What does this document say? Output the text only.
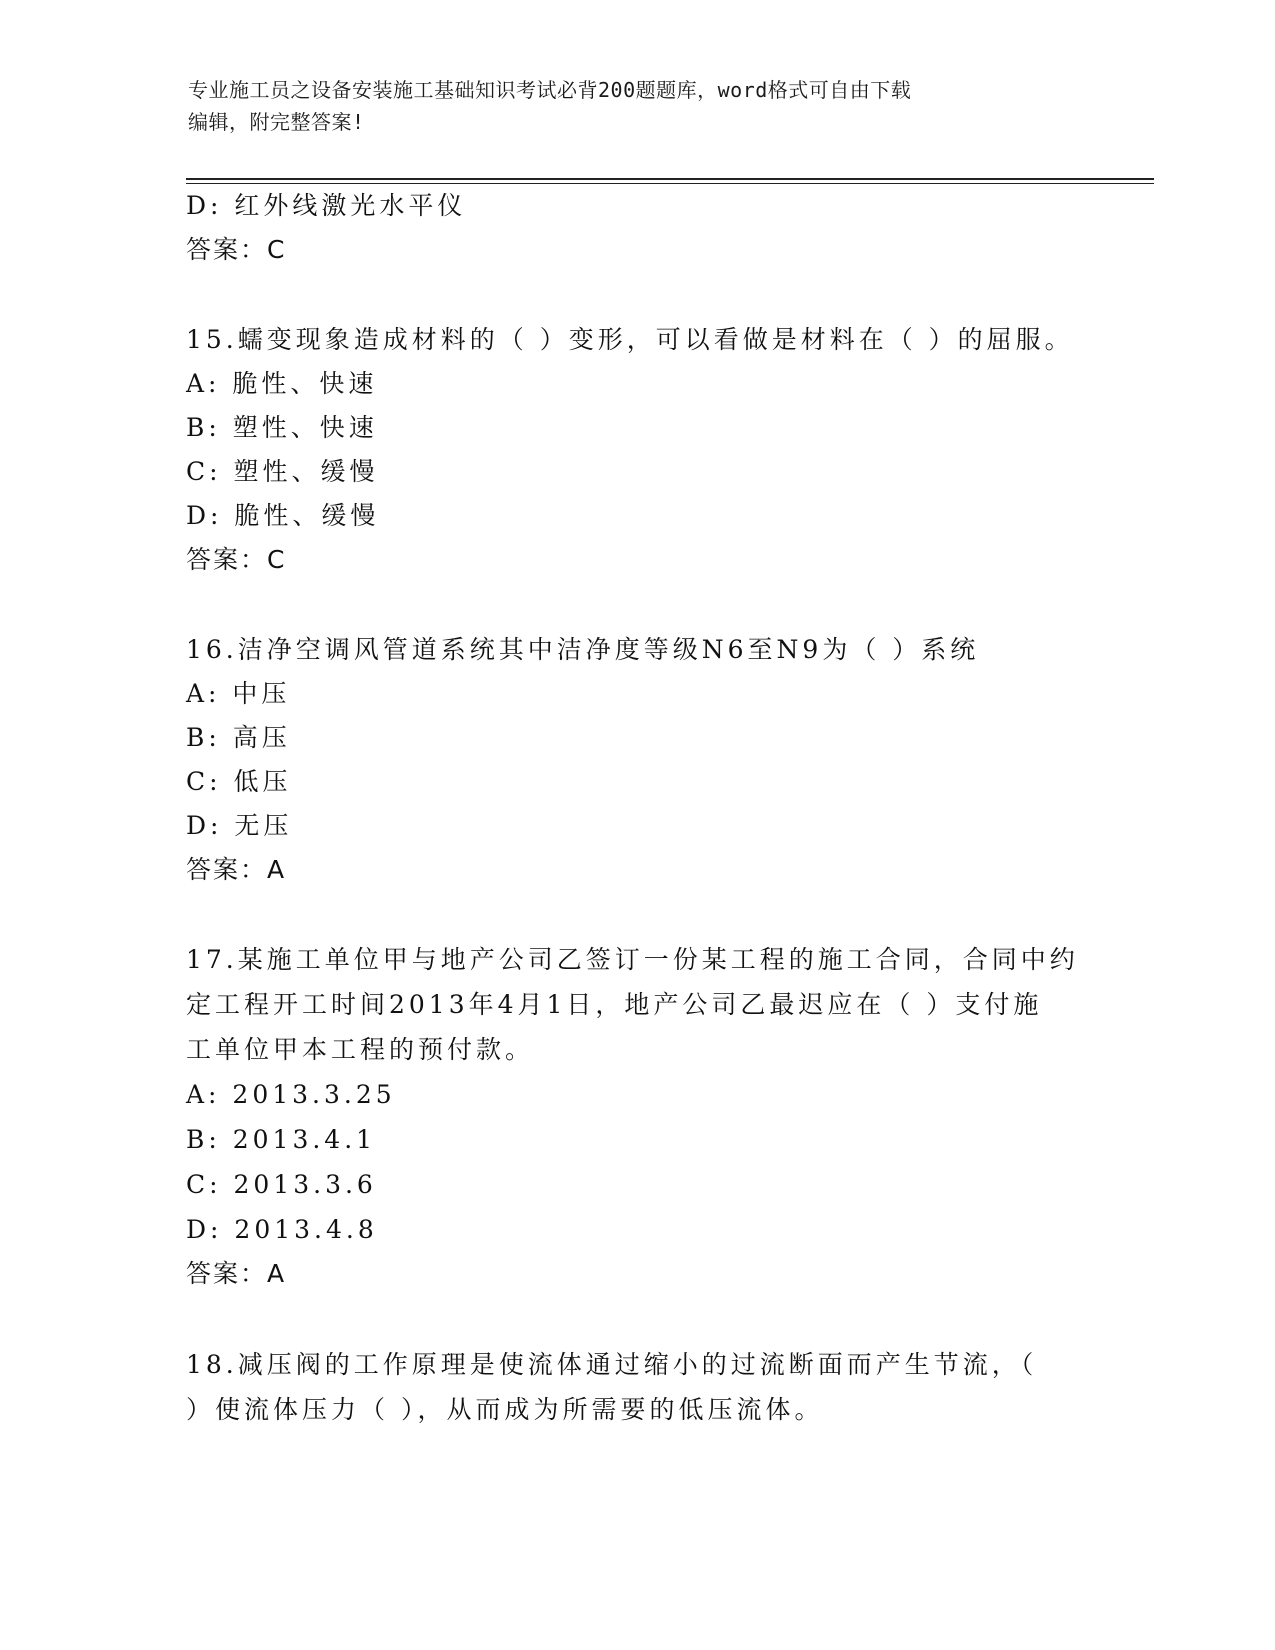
专业施工员之设备安装施工基础知识考试必背200题题库，word格式可自由下载
编辑，附完整答案!
D: 红外线激光水平仪
答案：C
15.蠕变现象造成材料的（ ）变形，可以看做是材料在（ ）的屈服。
A: 脆性、快速
B: 塑性、快速
C: 塑性、缓慢
D: 脆性、缓慢
答案：C
16.洁净空调风管道系统其中洁净度等级N6至N9为（ ）系统
A: 中压
B: 高压
C: 低压
D: 无压
答案：A
17.某施工单位甲与地产公司乙签订一份某工程的施工合同，合同中约
定工程开工时间2013年4月1日，地产公司乙最迟应在（ ）支付施
工单位甲本工程的预付款。
A: 2013.3.25
B: 2013.4.1
C: 2013.3.6
D: 2013.4.8
答案：A
18.减压阀的工作原理是使流体通过缩小的过流断面而产生节流，（
）使流体压力（ ），从而成为所需要的低压流体。
